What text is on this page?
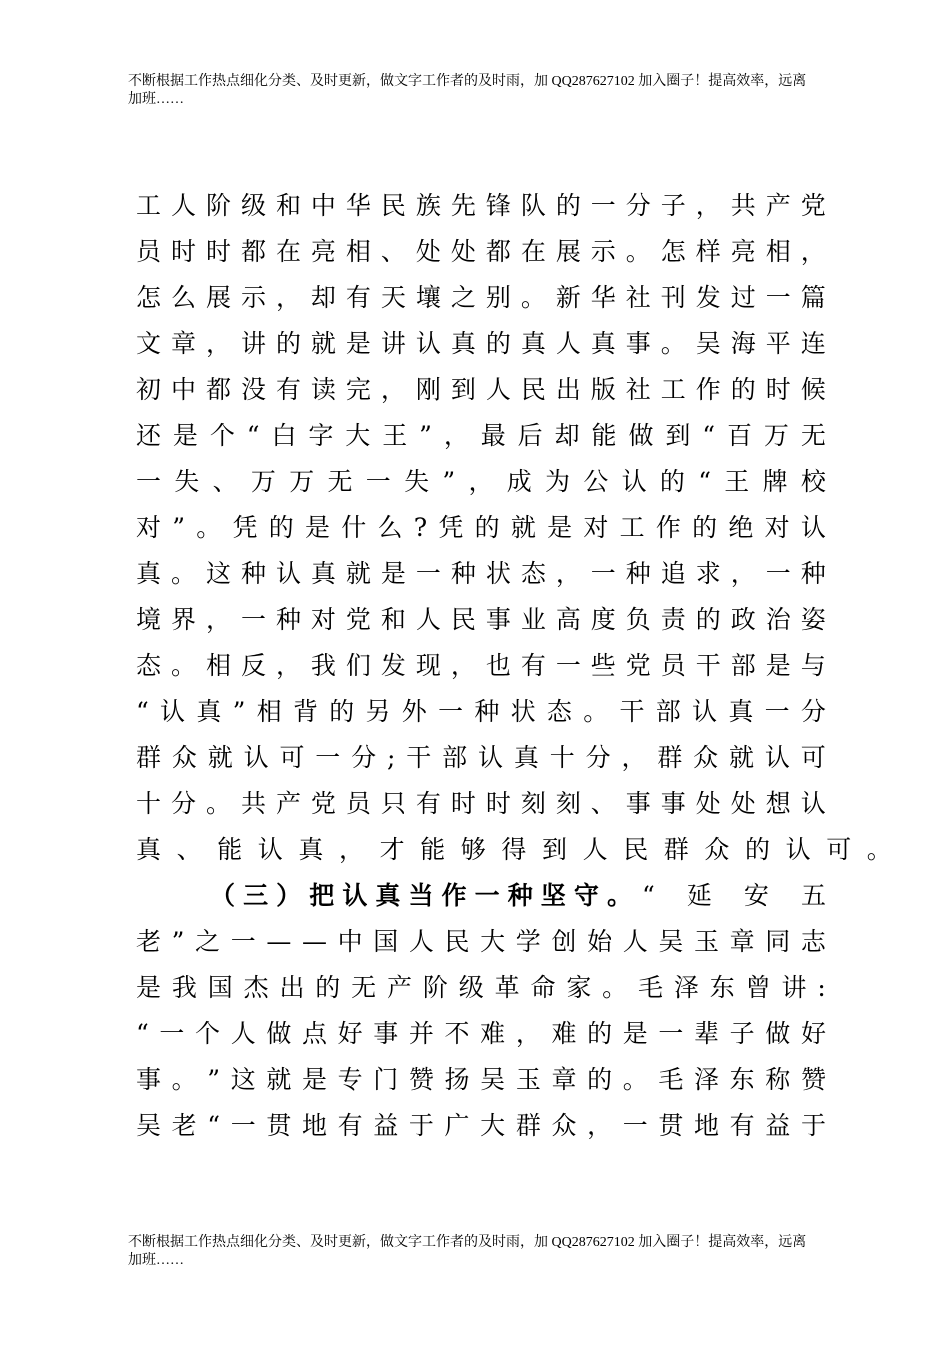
不断根据工作热点细化分类、及时更新，做文字工作者的及时雨，加 QQ287627102 加入圈子！提高效率，远离
加班……
工 人 阶 级 和 中 华 民 族 先 锋 队 的 一 分 子 ， 共 产 党
员 时 时 都 在 亮 相 、 处 处 都 在 展 示 。 怎 样 亮 相 ，
怎 么 展 示 ， 却 有 天 壤 之 别 。 新 华 社 刊 发 过 一 篇
文 章 ， 讲 的 就 是 讲 认 真 的 真 人 真 事 。 吴 海 平 连
初 中 都 没 有 读 完 ， 刚 到 人 民 出 版 社 工 作 的 时 候
还 是 个 “ 白 字 大 王 ” ， 最 后 却 能 做 到 “ 百 万 无
一 失 、 万 万 无 一 失 ” ， 成 为 公 认 的 “ 王 牌 校
对 ” 。 凭 的 是 什 么 ? 凭 的 就 是 对 工 作 的 绝 对 认
真 。 这 种 认 真 就 是 一 种 状 态 ， 一 种 追 求 ， 一 种
境 界 ， 一 种 对 党 和 人 民 事 业 高 度 负 责 的 政 治 姿
态 。 相 反 ， 我 们 发 现 ， 也 有 一 些 党 员 干 部 是 与
“ 认 真 ” 相 背 的 另 外 一 种 状 态 。 干 部 认 真 一 分
群 众 就 认 可 一 分 ; 干 部 认 真 十 分 ， 群 众 就 认 可
十 分 。 共 产 党 员 只 有 时 时 刻 刻 、 事 事 处 处 想 认
真、能认真，才能够得到人民群众的认可。
（ 三 ） 把 认 真 当 作 一 种 坚 守 。 “ 延 安 五
老 ” 之 一 — — 中 国 人 民 大 学 创 始 人 吴 玉 章 同 志
是 我 国 杰 出 的 无 产 阶 级 革 命 家 。 毛 泽 东 曾 讲 :
“ 一 个 人 做 点 好 事 并 不 难 ， 难 的 是 一 辈 子 做 好
事 。 ” 这 就 是 专 门 赞 扬 吴 玉 章 的 。 毛 泽 东 称 赞
吴 老 “ 一 贯 地 有 益 于 广 大 群 众 ， 一 贯 地 有 益 于
不断根据工作热点细化分类、及时更新，做文字工作者的及时雨，加 QQ287627102 加入圈子！提高效率，远离
加班……
